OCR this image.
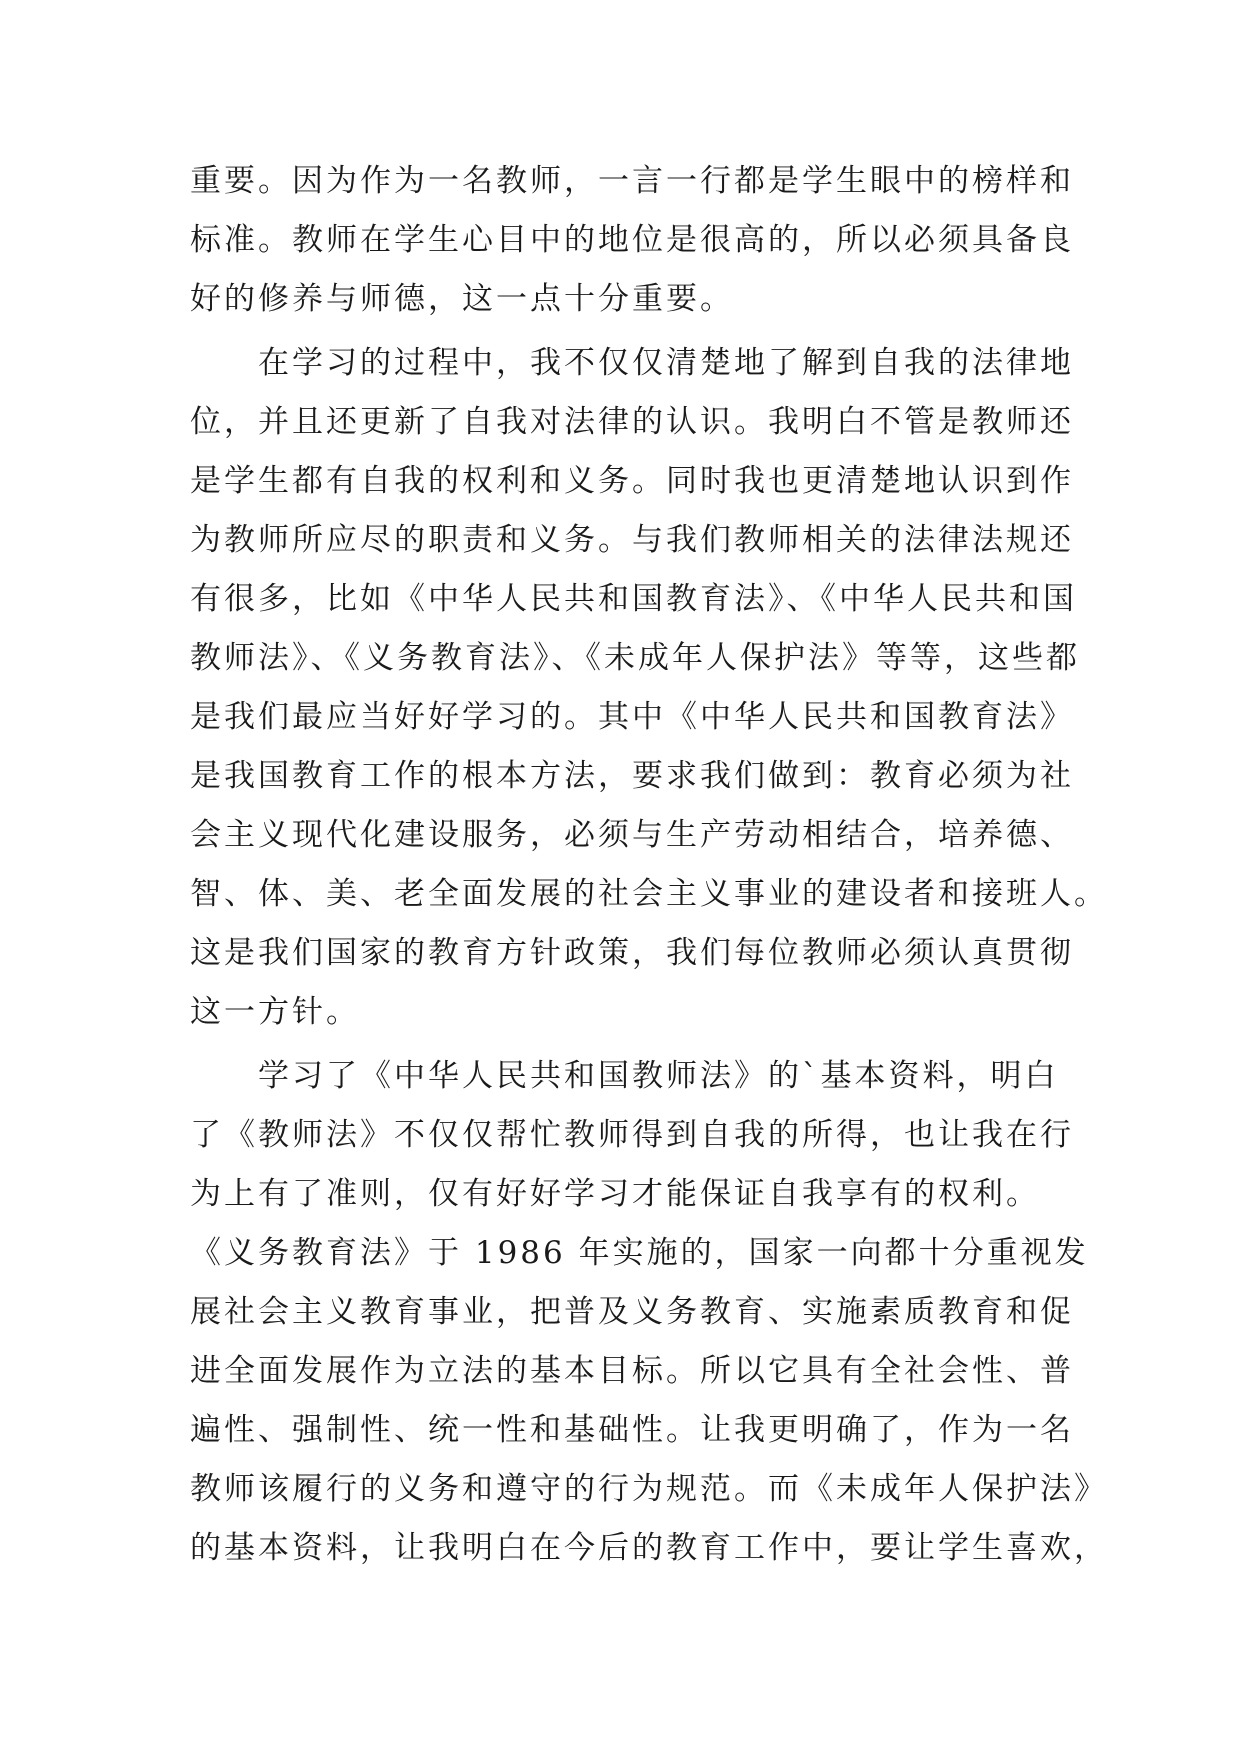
重要。因为作为一名教师，一言一行都是学生眼中的榜样和
标准。教师在学生心目中的地位是很高的，所以必须具备良
好的修养与师德，这一点十分重要。
在学习的过程中，我不仅仅清楚地了解到自我的法律地
位，并且还更新了自我对法律的认识。我明白不管是教师还
是学生都有自我的权利和义务。同时我也更清楚地认识到作
为教师所应尽的职责和义务。与我们教师相关的法律法规还
有很多，比如《中华人民共和国教育法》、《中华人民共和国
教师法》、《义务教育法》、《未成年人保护法》等等，这些都
是我们最应当好好学习的。其中《中华人民共和国教育法》
是我国教育工作的根本方法，要求我们做到：教育必须为社
会主义现代化建设服务，必须与生产劳动相结合，培养德、
智、体、美、老全面发展的社会主义事业的建设者和接班人。
这是我们国家的教育方针政策，我们每位教师必须认真贯彻
这一方针。
学习了《中华人民共和国教师法》的`基本资料，明白
了《教师法》不仅仅帮忙教师得到自我的所得，也让我在行
为上有了准则，仅有好好学习才能保证自我享有的权利。
《义务教育法》于 1986 年实施的，国家一向都十分重视发
展社会主义教育事业，把普及义务教育、实施素质教育和促
进全面发展作为立法的基本目标。所以它具有全社会性、普
遍性、强制性、统一性和基础性。让我更明确了，作为一名
教师该履行的义务和遵守的行为规范。而《未成年人保护法》
的基本资料，让我明白在今后的教育工作中，要让学生喜欢，
